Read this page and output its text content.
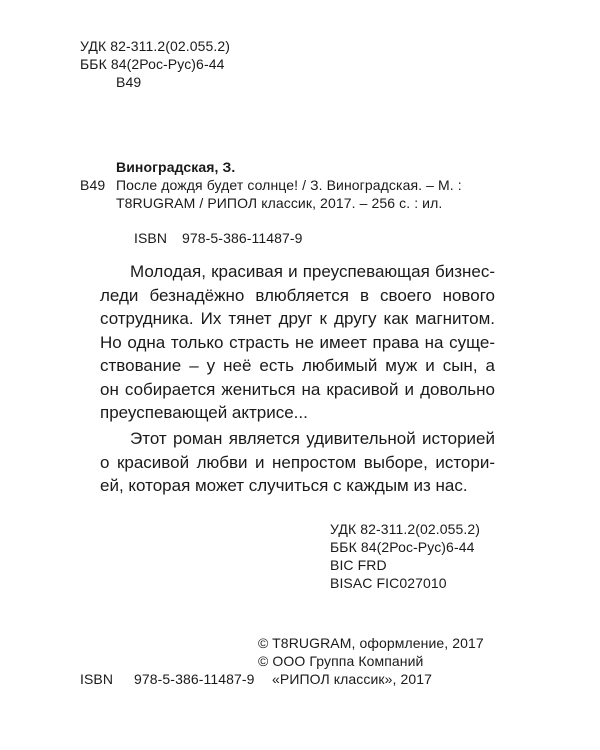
УДК 82-311.2(02.055.2)
ББК 84(2Рос-Рус)6-44
В49
Виноградская, З.
В49 После дождя будет солнце! / З. Виноградская. – М. :
T8RUGRAM / РИПОЛ классик, 2017. – 256 с. : ил.
ISBN 978-5-386-11487-9
Молодая, красивая и преуспевающая бизнес-
леди безнадёжно влюбляется в своего нового
сотрудника. Их тянет друг к другу как магнитом.
Но одна только страсть не имеет права на суще-
ствование – у неё есть любимый муж и сын, а
он собирается жениться на красивой и довольно
преуспевающей актрисе...
Этот роман является удивительной историей
о красивой любви и непростом выборе, истори-
ей, которая может случиться с каждым из нас.
УДК 82-311.2(02.055.2)
ББК 84(2Рос-Рус)6-44
BIC FRD
BISAC FIC027010
© T8RUGRAM, оформление, 2017
© ООО Группа Компаний
ISBN 978-5-386-11487-9 «РИПОЛ классик», 2017
